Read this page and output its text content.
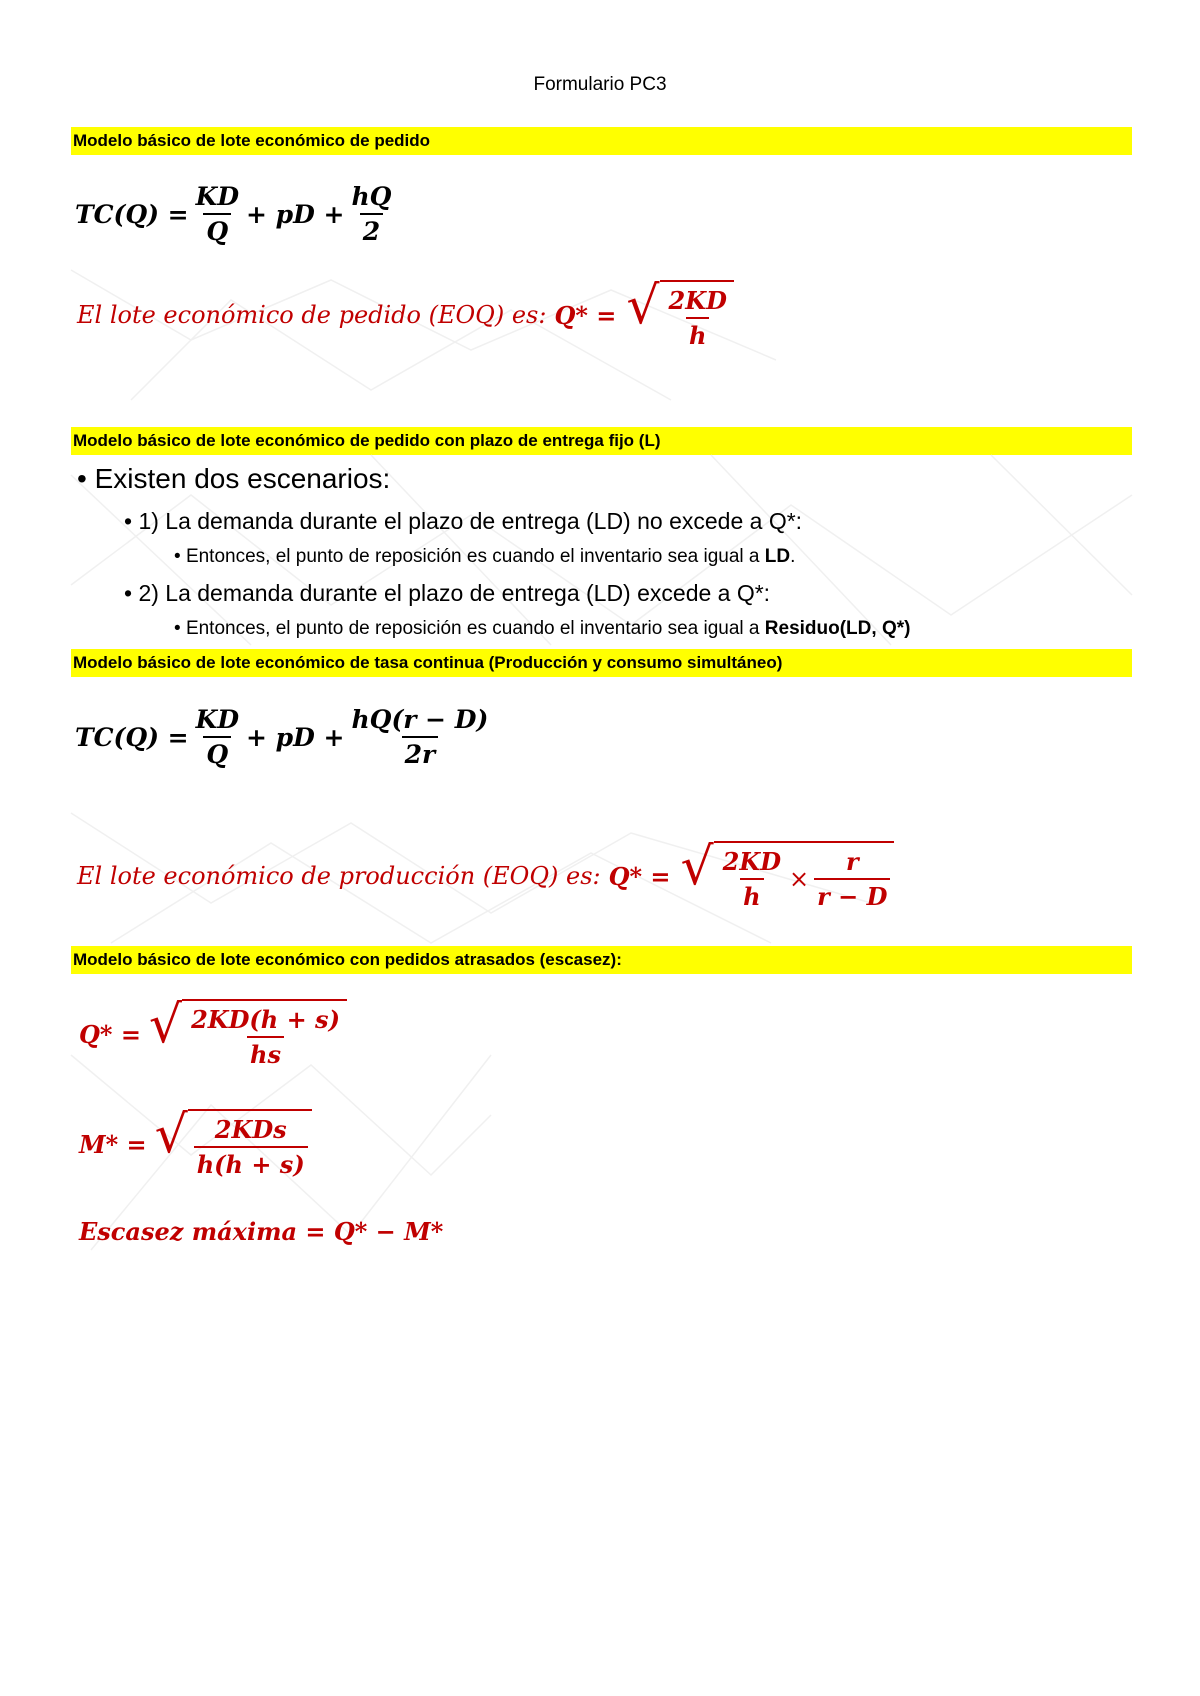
Formulario PC3
Modelo básico de lote económico de pedido
$TC(Q) = \frac{KD}{Q}$ + pD + $\frac{hQ}{2}$
El lote económico de pedido (EOQ) es: Q* = √ $\frac{2KD}{h}$
Modelo básico de lote económico de pedido con plazo de entrega fijo (L)
• Existen dos escenarios:
• 1) La demanda durante el plazo de entrega (LD) no excede a Q*:
• Entonces, el punto de reposición es cuando el inventario sea igual a LD.
• 2) La demanda durante el plazo de entrega (LD) excede a Q*:
• Entonces, el punto de reposición es cuando el inventario sea igual a Residuo(LD, Q*)
Modelo básico de lote económico de tasa continua (Producción y consumo simultáneo)
$TC(Q) = \frac{KD}{Q}$ + pD + $\frac{hQ(r - D)}{2r}$
El lote económico de producción (EOQ) es: Q* = √ $\frac{2KD}{h} \times \frac{r}{r - D}$
Modelo básico de lote económico con pedidos atrasados (escasez):
Q* = √ $\frac{2KD(h + s)}{hs}$
M* = √ $\frac{\text{2KDs}}{h(h + s)}$
Escasez máxima = Q* − M*
